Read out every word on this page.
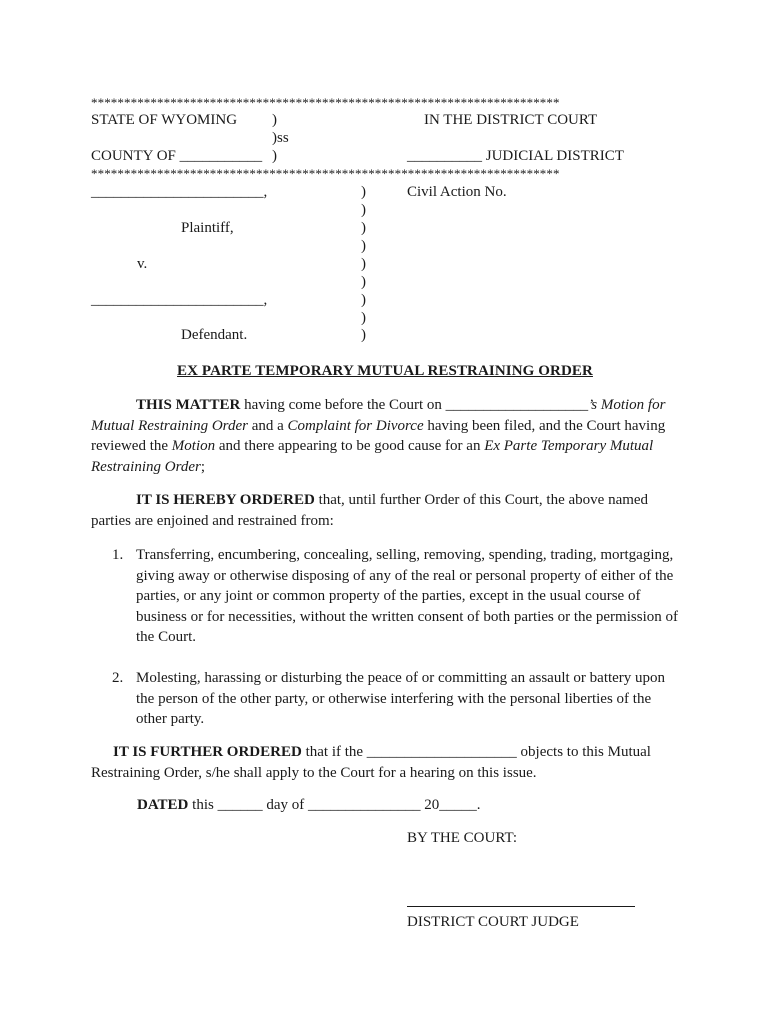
***********************************************************************
STATE OF WYOMING )	IN THE DISTRICT COURT
)ss
COUNTY OF ___________ )	__________ JUDICIAL DISTRICT
***********************************************************************
_______________________,
Plaintiff,
v.
_______________________,
Defendant.
Civil Action No.
)
)
)
)
)
)
)
)
)
EX PARTE TEMPORARY MUTUAL RESTRAINING ORDER
THIS MATTER having come before the Court on ___________________’s Motion for Mutual Restraining Order and a Complaint for Divorce having been filed, and the Court having reviewed the Motion and there appearing to be good cause for an Ex Parte Temporary Mutual Restraining Order;
IT IS HEREBY ORDERED that, until further Order of this Court, the above named parties are enjoined and restrained from:
1. Transferring, encumbering, concealing, selling, removing, spending, trading, mortgaging, giving away or otherwise disposing of any of the real or personal property of either of the parties, or any joint or common property of the parties, except in the usual course of business or for necessities, without the written consent of both parties or the permission of the Court.
2. Molesting, harassing or disturbing the peace of or committing an assault or battery upon the person of the other party, or otherwise interfering with the personal liberties of the other party.
IT IS FURTHER ORDERED that if the ____________________ objects to this Mutual Restraining Order, s/he shall apply to the Court for a hearing on this issue.
DATED this ______ day of _______________ 20_____.
BY THE COURT:
DISTRICT COURT JUDGE
